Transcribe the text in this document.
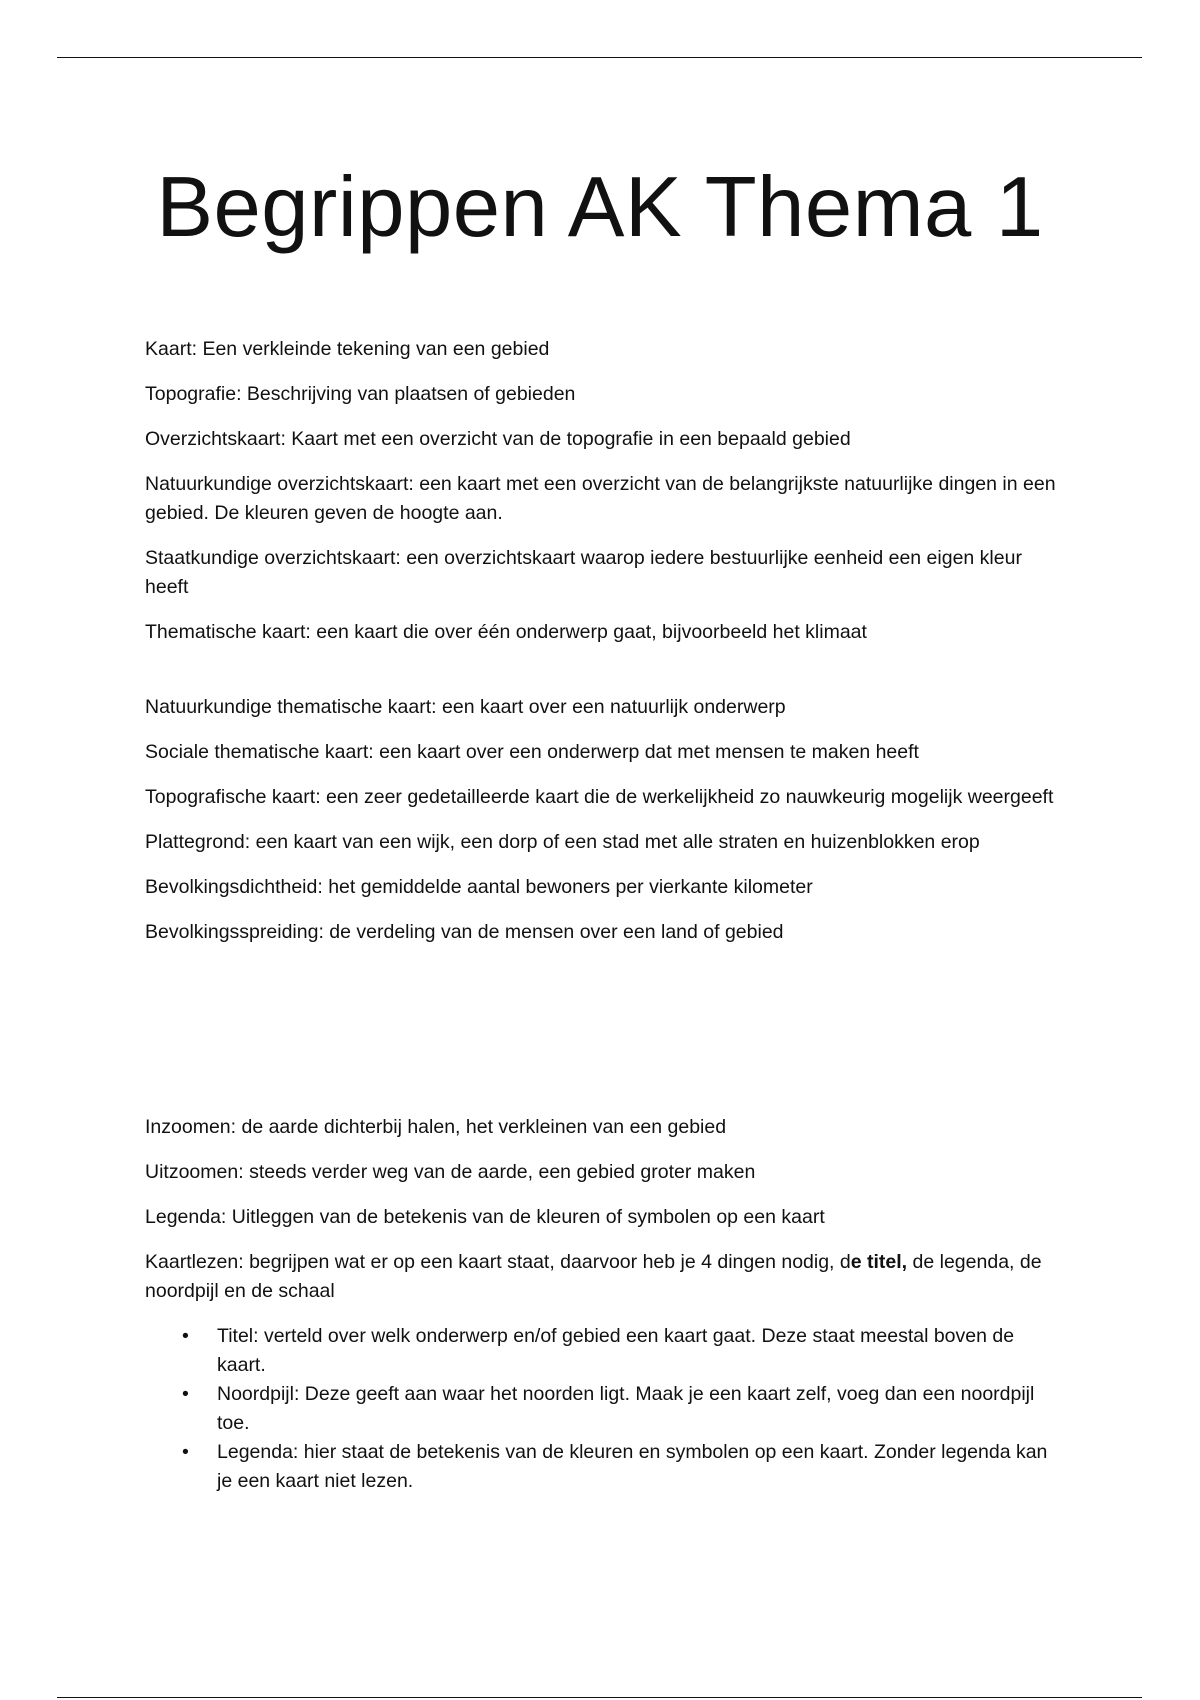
Begrippen AK Thema 1

Kaart: Een verkleinde tekening van een gebied

Topografie: Beschrijving van plaatsen of gebieden

Overzichtskaart: Kaart met een overzicht van de topografie in een bepaald gebied

Natuurkundige overzichtskaart: een kaart met een overzicht van de belangrijkste natuurlijke dingen in een gebied. De kleuren geven de hoogte aan.

Staatkundige overzichtskaart: een overzichtskaart waarop iedere bestuurlijke eenheid een eigen kleur heeft

Thematische kaart: een kaart die over één onderwerp gaat, bijvoorbeeld het klimaat

Natuurkundige thematische kaart: een kaart over een natuurlijk onderwerp

Sociale thematische kaart: een kaart over een onderwerp dat met mensen te maken heeft

Topografische kaart: een zeer gedetailleerde kaart die de werkelijkheid zo nauwkeurig mogelijk weergeeft

Plattegrond: een kaart van een wijk, een dorp of een stad met alle straten en huizenblokken erop

Bevolkingsdichtheid: het gemiddelde aantal bewoners per vierkante kilometer

Bevolkingsspreiding: de verdeling van de mensen over een land of gebied

Inzoomen: de aarde dichterbij halen, het verkleinen van een gebied

Uitzoomen: steeds verder weg van de aarde, een gebied groter maken

Legenda: Uitleggen van de betekenis van de kleuren of symbolen op een kaart

Kaartlezen: begrijpen wat er op een kaart staat, daarvoor heb je 4 dingen nodig, de titel, de legenda, de noordpijl en de schaal

• Titel: verteld over welk onderwerp en/of gebied een kaart gaat. Deze staat meestal boven de kaart.
• Noordpijl: Deze geeft aan waar het noorden ligt. Maak je een kaart zelf, voeg dan een noordpijl toe.
• Legenda: hier staat de betekenis van de kleuren en symbolen op een kaart. Zonder legenda kan je een kaart niet lezen.
